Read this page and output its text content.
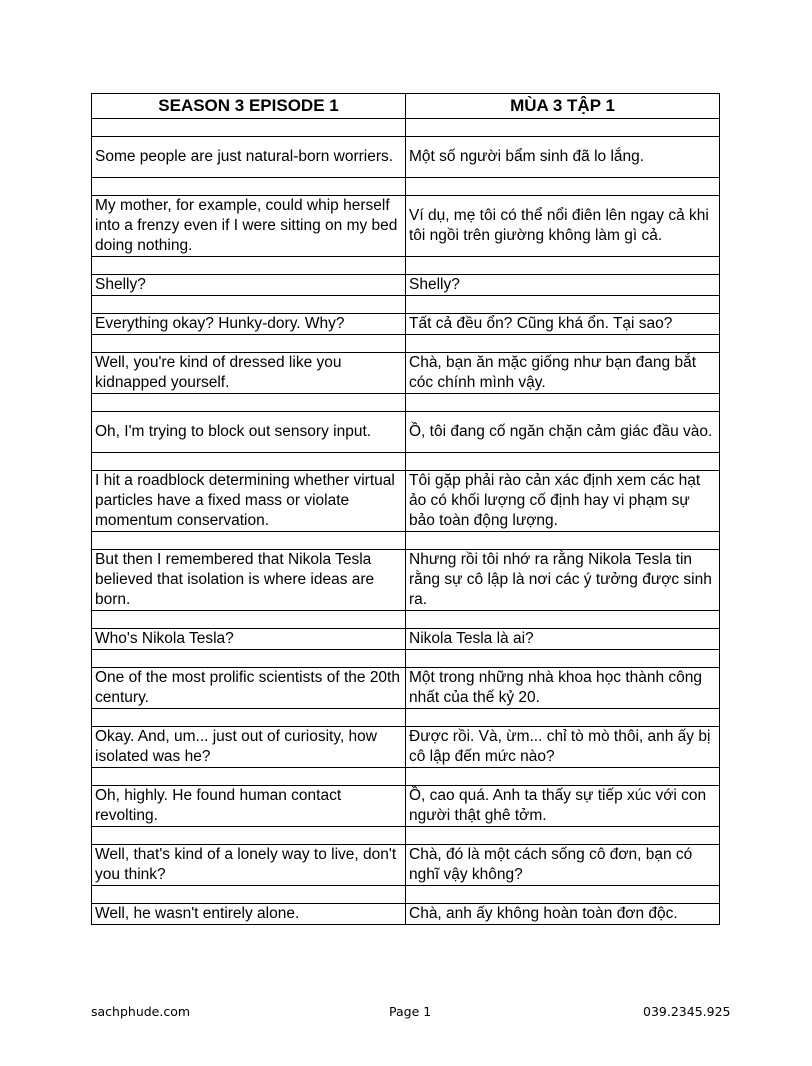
SEASON 3 EPISODE 1	MÙA 3 TẬP 1

Some people are just natural-born worriers.	Một số người bẩm sinh đã lo lắng.

My mother, for example, could whip herself into a frenzy even if I were sitting on my bed doing nothing.	Ví dụ, mẹ tôi có thể nổi điên lên ngay cả khi tôi ngồi trên giường không làm gì cả.

Shelly?	Shelly?

Everything okay? Hunky-dory. Why?	Tất cả đều ổn? Cũng khá ổn. Tại sao?

Well, you're kind of dressed like you kidnapped yourself.	Chà, bạn ăn mặc giống như bạn đang bắt cóc chính mình vậy.

Oh, I'm trying to block out sensory input.	Ồ, tôi đang cố ngăn chặn cảm giác đầu vào.

I hit a roadblock determining whether virtual particles have a fixed mass or violate momentum conservation.	Tôi gặp phải rào cản xác định xem các hạt ảo có khối lượng cố định hay vi phạm sự bảo toàn động lượng.

But then I remembered that Nikola Tesla believed that isolation is where ideas are born.	Nhưng rồi tôi nhớ ra rằng Nikola Tesla tin rằng sự cô lập là nơi các ý tưởng được sinh ra.

Who's Nikola Tesla?	Nikola Tesla là ai?

One of the most prolific scientists of the 20th century.	Một trong những nhà khoa học thành công nhất của thế kỷ 20.

Okay. And, um... just out of curiosity, how isolated was he?	Được rồi. Và, ừm... chỉ tò mò thôi, anh ấy bị cô lập đến mức nào?

Oh, highly. He found human contact revolting.	Ồ, cao quá. Anh ta thấy sự tiếp xúc với con người thật ghê tởm.

Well, that's kind of a lonely way to live, don't you think?	Chà, đó là một cách sống cô đơn, bạn có nghĩ vậy không?

Well, he wasn't entirely alone.	Chà, anh ấy không hoàn toàn đơn độc.
sachphude.com	Page 1	039.2345.925
